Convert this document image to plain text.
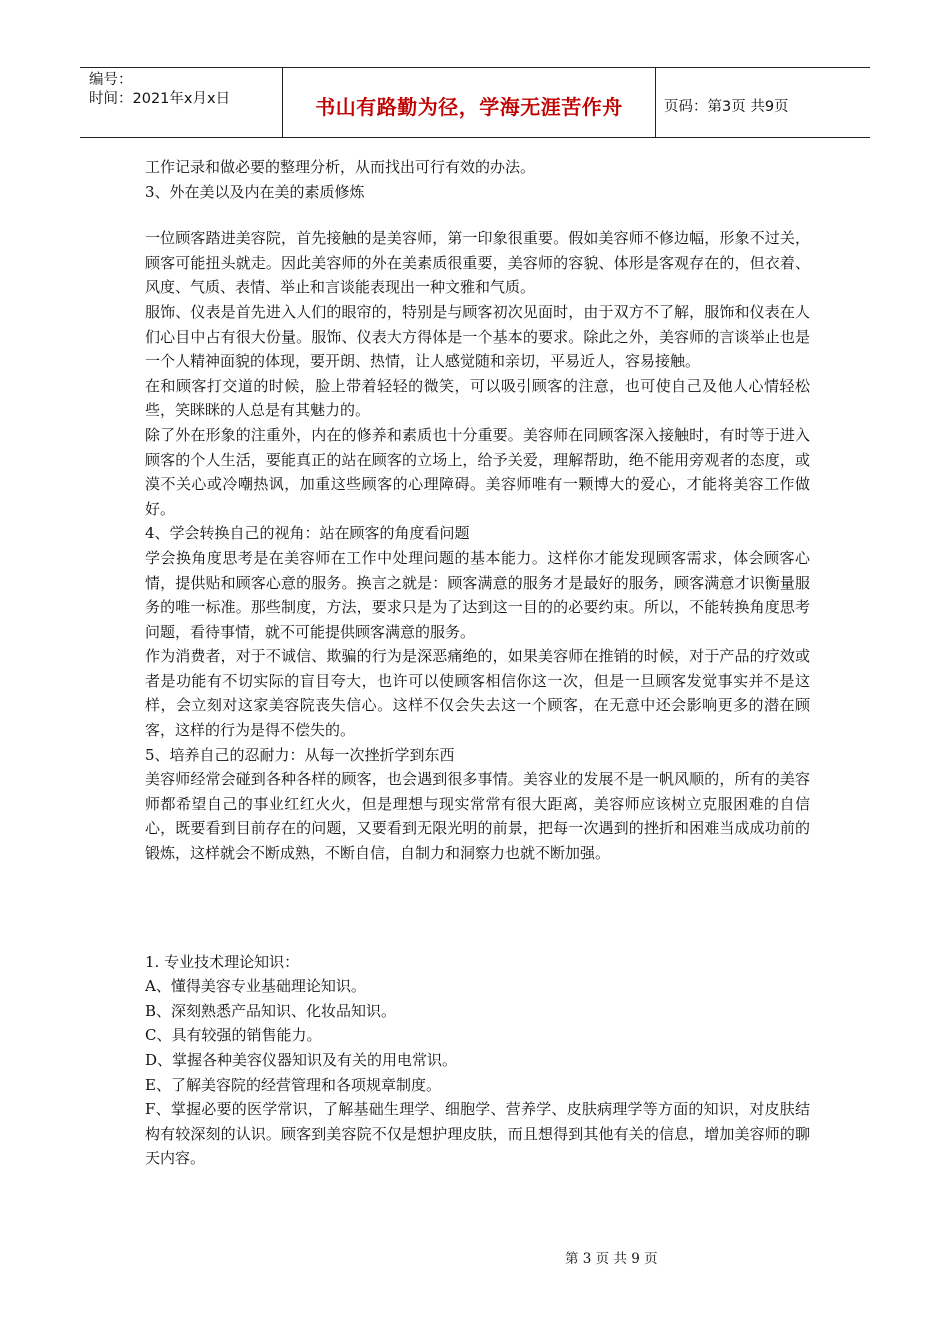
编号：
时间：2021年x月x日	书山有路勤为径，学海无涯苦作舟	页码：第3页 共9页

工作记录和做必要的整理分析，从而找出可行有效的办法。

3、外在美以及内在美的素质修炼

一位顾客踏进美容院，首先接触的是美容师，第一印象很重要。假如美容师不修边幅，形象不过关，顾客可能扭头就走。因此美容师的外在美素质很重要，美容师的容貌、体形是客观存在的，但衣着、风度、气质、表情、举止和言谈能表现出一种文雅和气质。

服饰、仪表是首先进入人们的眼帘的，特别是与顾客初次见面时，由于双方不了解，服饰和仪表在人们心目中占有很大份量。服饰、仪表大方得体是一个基本的要求。除此之外，美容师的言谈举止也是一个人精神面貌的体现，要开朗、热情，让人感觉随和亲切，平易近人，容易接触。

在和顾客打交道的时候，脸上带着轻轻的微笑，可以吸引顾客的注意，也可使自己及他人心情轻松些，笑眯眯的人总是有其魅力的。

除了外在形象的注重外，内在的修养和素质也十分重要。美容师在同顾客深入接触时，有时等于进入顾客的个人生活，要能真正的站在顾客的立场上，给予关爱，理解帮助，绝不能用旁观者的态度，或漠不关心或冷嘲热讽，加重这些顾客的心理障碍。美容师唯有一颗博大的爱心，才能将美容工作做好。

4、学会转换自己的视角：站在顾客的角度看问题

学会换角度思考是在美容师在工作中处理问题的基本能力。这样你才能发现顾客需求，体会顾客心情，提供贴和顾客心意的服务。换言之就是：顾客满意的服务才是最好的服务，顾客满意才识衡量服务的唯一标准。那些制度，方法，要求只是为了达到这一目的的必要约束。所以，不能转换角度思考问题，看待事情，就不可能提供顾客满意的服务。

作为消费者，对于不诚信、欺骗的行为是深恶痛绝的，如果美容师在推销的时候，对于产品的疗效或者是功能有不切实际的盲目夸大，也许可以使顾客相信你这一次，但是一旦顾客发觉事实并不是这样，会立刻对这家美容院丧失信心。这样不仅会失去这一个顾客，在无意中还会影响更多的潜在顾客，这样的行为是得不偿失的。

5、培养自己的忍耐力：从每一次挫折学到东西

美容师经常会碰到各种各样的顾客，也会遇到很多事情。美容业的发展不是一帆风顺的，所有的美容师都希望自己的事业红红火火，但是理想与现实常常有很大距离，美容师应该树立克服困难的自信心，既要看到目前存在的问题，又要看到无限光明的前景，把每一次遇到的挫折和困难当成成功前的锻炼，这样就会不断成熟，不断自信，自制力和洞察力也就不断加强。

1. 专业技术理论知识：

A、懂得美容专业基础理论知识。

B、深刻熟悉产品知识、化妆品知识。

C、具有较强的销售能力。

D、掌握各种美容仪器知识及有关的用电常识。

E、了解美容院的经营管理和各项规章制度。

F、掌握必要的医学常识，了解基础生理学、细胞学、营养学、皮肤病理学等方面的知识，对皮肤结构有较深刻的认识。顾客到美容院不仅是想护理皮肤，而且想得到其他有关的信息，增加美容师的聊天内容。

第 3 页 共 9 页
